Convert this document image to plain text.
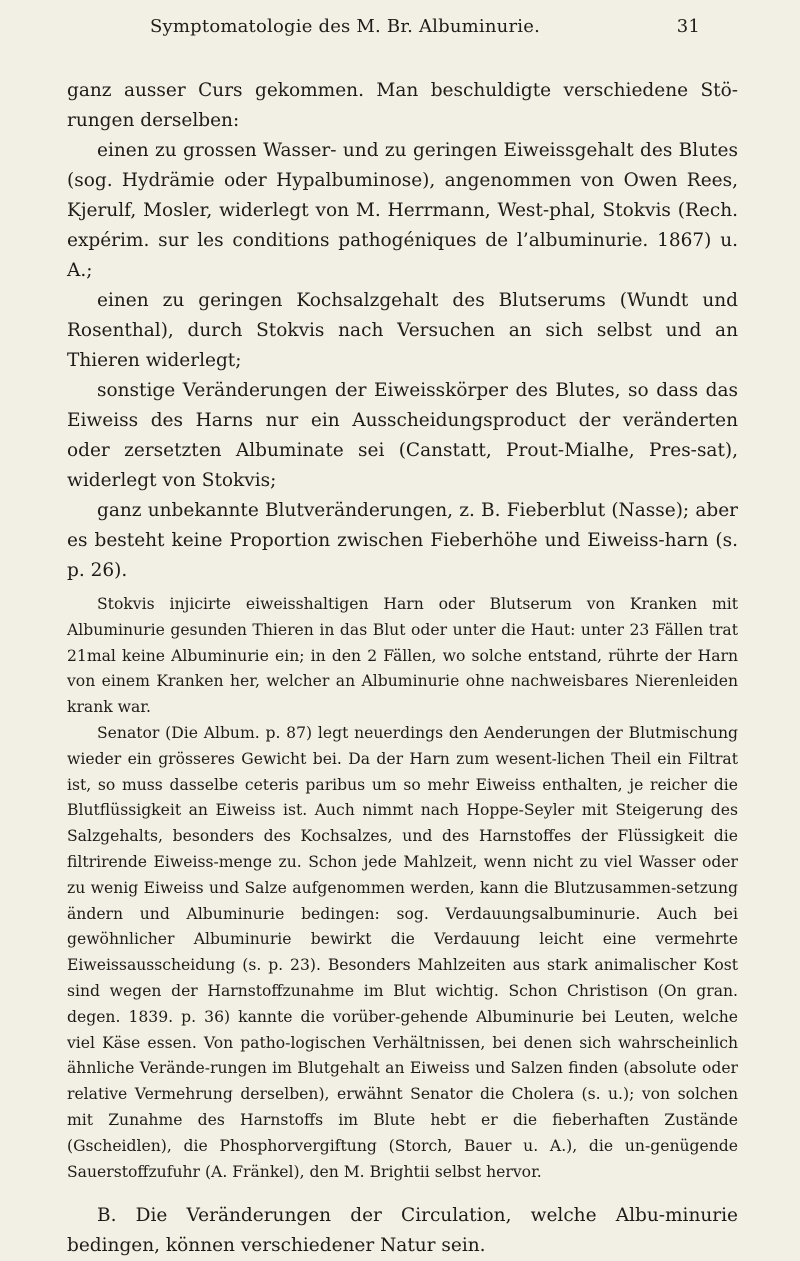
Symptomatologie des M. Br. Albuminurie.	31

ganz ausser Curs gekommen. Man beschuldigte verschiedene Stö-rungen derselben:

einen zu grossen Wasser- und zu geringen Eiweissgehalt des Blutes (sog. Hydrämie oder Hypalbuminose), angenommen von Owen Rees, Kjerulf, Mosler, widerlegt von M. Herrmann, West-phal, Stokvis (Rech. expérim. sur les conditions pathogéniques de l’albuminurie. 1867) u. A.;

einen zu geringen Kochsalzgehalt des Blutserums (Wundt und Rosenthal), durch Stokvis nach Versuchen an sich selbst und an Thieren widerlegt;

sonstige Veränderungen der Eiweisskörper des Blutes, so dass das Eiweiss des Harns nur ein Ausscheidungsproduct der veränderten oder zersetzten Albuminate sei (Canstatt, Prout-Mialhe, Pres-sat), widerlegt von Stokvis;

ganz unbekannte Blutveränderungen, z. B. Fieberblut (Nasse); aber es besteht keine Proportion zwischen Fieberhöhe und Eiweiss-harn (s. p. 26).

Stokvis injicirte eiweisshaltigen Harn oder Blutserum von Kranken mit Albuminurie gesunden Thieren in das Blut oder unter die Haut: unter 23 Fällen trat 21mal keine Albuminurie ein; in den 2 Fällen, wo solche entstand, rührte der Harn von einem Kranken her, welcher an Albuminurie ohne nachweisbares Nierenleiden krank war.

Senator (Die Album. p. 87) legt neuerdings den Aenderungen der Blutmischung wieder ein grösseres Gewicht bei. Da der Harn zum wesent-lichen Theil ein Filtrat ist, so muss dasselbe ceteris paribus um so mehr Eiweiss enthalten, je reicher die Blutflüssigkeit an Eiweiss ist. Auch nimmt nach Hoppe-Seyler mit Steigerung des Salzgehalts, besonders des Kochsalzes, und des Harnstoffes der Flüssigkeit die filtrirende Eiweiss-menge zu. Schon jede Mahlzeit, wenn nicht zu viel Wasser oder zu wenig Eiweiss und Salze aufgenommen werden, kann die Blutzusammen-setzung ändern und Albuminurie bedingen: sog. Verdauungsalbuminurie. Auch bei gewöhnlicher Albuminurie bewirkt die Verdauung leicht eine vermehrte Eiweissausscheidung (s. p. 23). Besonders Mahlzeiten aus stark animalischer Kost sind wegen der Harnstoffzunahme im Blut wichtig. Schon Christison (On gran. degen. 1839. p. 36) kannte die vorüber-gehende Albuminurie bei Leuten, welche viel Käse essen. Von patho-logischen Verhältnissen, bei denen sich wahrscheinlich ähnliche Verände-rungen im Blutgehalt an Eiweiss und Salzen finden (absolute oder relative Vermehrung derselben), erwähnt Senator die Cholera (s. u.); von solchen mit Zunahme des Harnstoffs im Blute hebt er die fieberhaften Zustände (Gscheidlen), die Phosphorvergiftung (Storch, Bauer u. A.), die un-genügende Sauerstoffzufuhr (A. Fränkel), den M. Brightii selbst hervor.

B. Die Veränderungen der Circulation, welche Albu-minurie bedingen, können verschiedener Natur sein.
